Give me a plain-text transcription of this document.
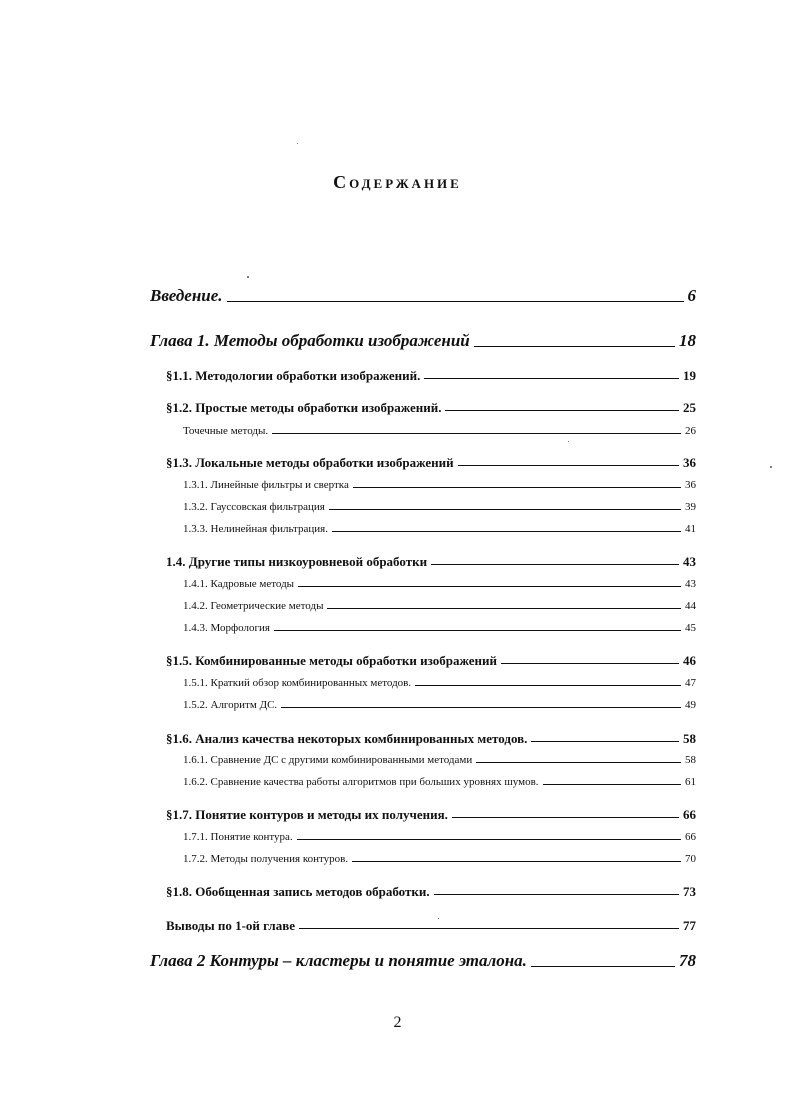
Содержание
Введение.	6
Глава 1. Методы обработки изображений	18
§1.1. Методологии обработки изображений.	19
§1.2. Простые методы обработки изображений.	25
Точечные методы.	26
§1.3. Локальные методы обработки изображений	36
1.3.1. Линейные фильтры и свертка	36
1.3.2. Гауссовская фильтрация	39
1.3.3. Нелинейная фильтрация.	41
1.4. Другие типы низкоуровневой обработки	43
1.4.1. Кадровые методы	43
1.4.2. Геометрические методы	44
1.4.3. Морфология	45
§1.5. Комбинированные методы обработки изображений	46
1.5.1. Краткий обзор комбинированных методов.	47
1.5.2. Алгоритм ДС.	49
§1.6. Анализ качества некоторых комбинированных методов.	58
1.6.1. Сравнение ДС с другими комбинированными методами	58
1.6.2. Сравнение качества работы алгоритмов при больших уровнях шумов.	61
§1.7. Понятие контуров и методы их получения.	66
1.7.1. Понятие контура.	66
1.7.2. Методы получения контуров.	70
§1.8. Обобщенная запись методов обработки.	73
Выводы по 1-ой главе	77
Глава 2 Контуры – кластеры и понятие эталона.	78
2
